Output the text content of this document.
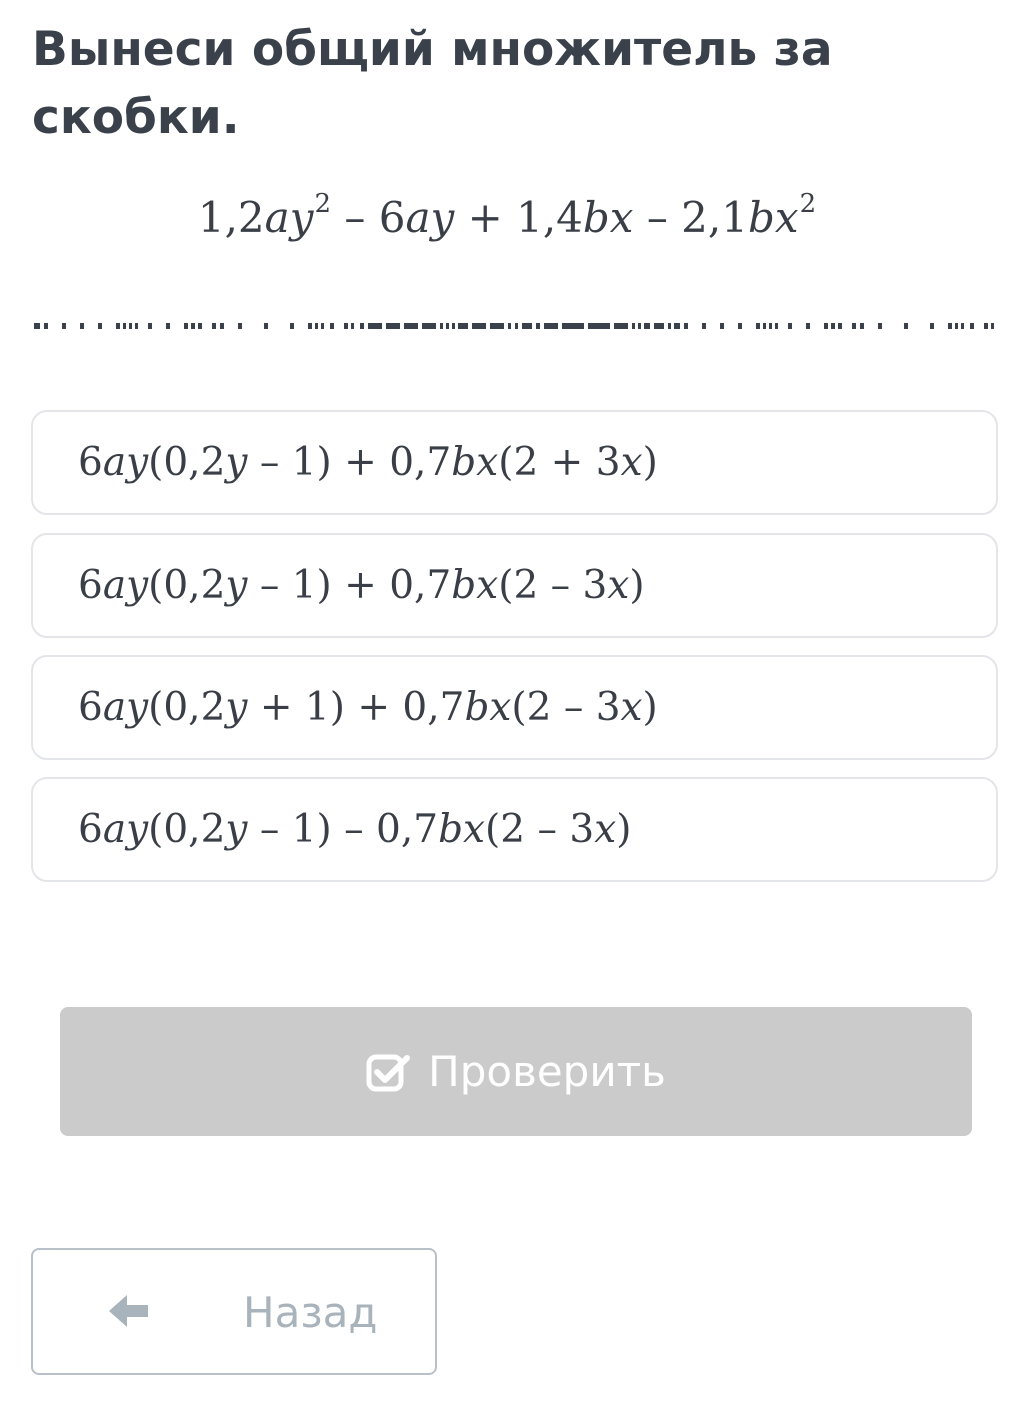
Вынеси общий множитель за скобки.
$1,2ay^2 - 6ay + 1,4bx - 2,1bx^2$
6ay(0,2y – 1) + 0,7bx(2 + 3x)
6ay(0,2y – 1) + 0,7bx(2 – 3x)
6ay(0,2y + 1) + 0,7bx(2 – 3x)
6ay(0,2y – 1) – 0,7bx(2 – 3x)
Проверить
Назад
